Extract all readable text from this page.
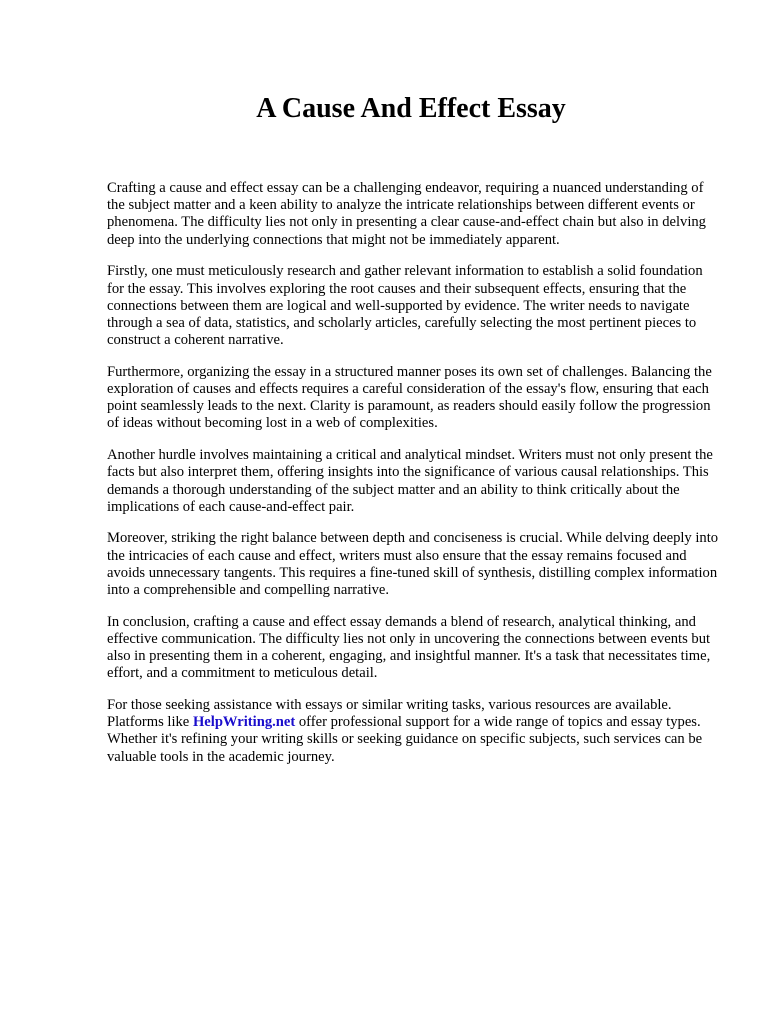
A Cause And Effect Essay

Crafting a cause and effect essay can be a challenging endeavor, requiring a nuanced understanding of the subject matter and a keen ability to analyze the intricate relationships between different events or phenomena. The difficulty lies not only in presenting a clear cause-and-effect chain but also in delving deep into the underlying connections that might not be immediately apparent.

Firstly, one must meticulously research and gather relevant information to establish a solid foundation for the essay. This involves exploring the root causes and their subsequent effects, ensuring that the connections between them are logical and well-supported by evidence. The writer needs to navigate through a sea of data, statistics, and scholarly articles, carefully selecting the most pertinent pieces to construct a coherent narrative.

Furthermore, organizing the essay in a structured manner poses its own set of challenges. Balancing the exploration of causes and effects requires a careful consideration of the essay's flow, ensuring that each point seamlessly leads to the next. Clarity is paramount, as readers should easily follow the progression of ideas without becoming lost in a web of complexities.

Another hurdle involves maintaining a critical and analytical mindset. Writers must not only present the facts but also interpret them, offering insights into the significance of various causal relationships. This demands a thorough understanding of the subject matter and an ability to think critically about the implications of each cause-and-effect pair.

Moreover, striking the right balance between depth and conciseness is crucial. While delving deeply into the intricacies of each cause and effect, writers must also ensure that the essay remains focused and avoids unnecessary tangents. This requires a fine-tuned skill of synthesis, distilling complex information into a comprehensible and compelling narrative.

In conclusion, crafting a cause and effect essay demands a blend of research, analytical thinking, and effective communication. The difficulty lies not only in uncovering the connections between events but also in presenting them in a coherent, engaging, and insightful manner. It's a task that necessitates time, effort, and a commitment to meticulous detail.

For those seeking assistance with essays or similar writing tasks, various resources are available. Platforms like HelpWriting.net offer professional support for a wide range of topics and essay types. Whether it's refining your writing skills or seeking guidance on specific subjects, such services can be valuable tools in the academic journey.
